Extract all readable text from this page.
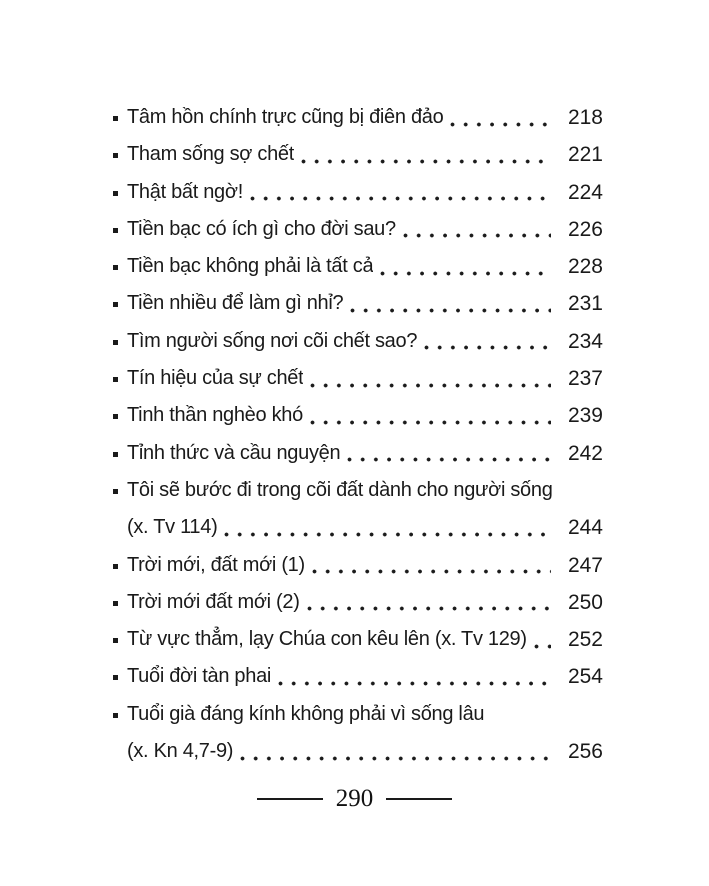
Tâm hồn chính trực cũng bị điên đảo	218
Tham sống sợ chết	221
Thật bất ngờ!	224
Tiền bạc có ích gì cho đời sau?	226
Tiền bạc không phải là tất cả	228
Tiền nhiều để làm gì nhỉ?	231
Tìm người sống nơi cõi chết sao?	234
Tín hiệu của sự chết	237
Tinh thần nghèo khó	239
Tỉnh thức và cầu nguyện	242
Tôi sẽ bước đi trong cõi đất dành cho người sống
(x. Tv 114)	244
Trời mới, đất mới (1)	247
Trời mới đất mới (2)	250
Từ vực thẳm, lạy Chúa con kêu lên (x. Tv 129)	252
Tuổi đời tàn phai	254
Tuổi già đáng kính không phải vì sống lâu
(x. Kn 4,7-9)	256
290
